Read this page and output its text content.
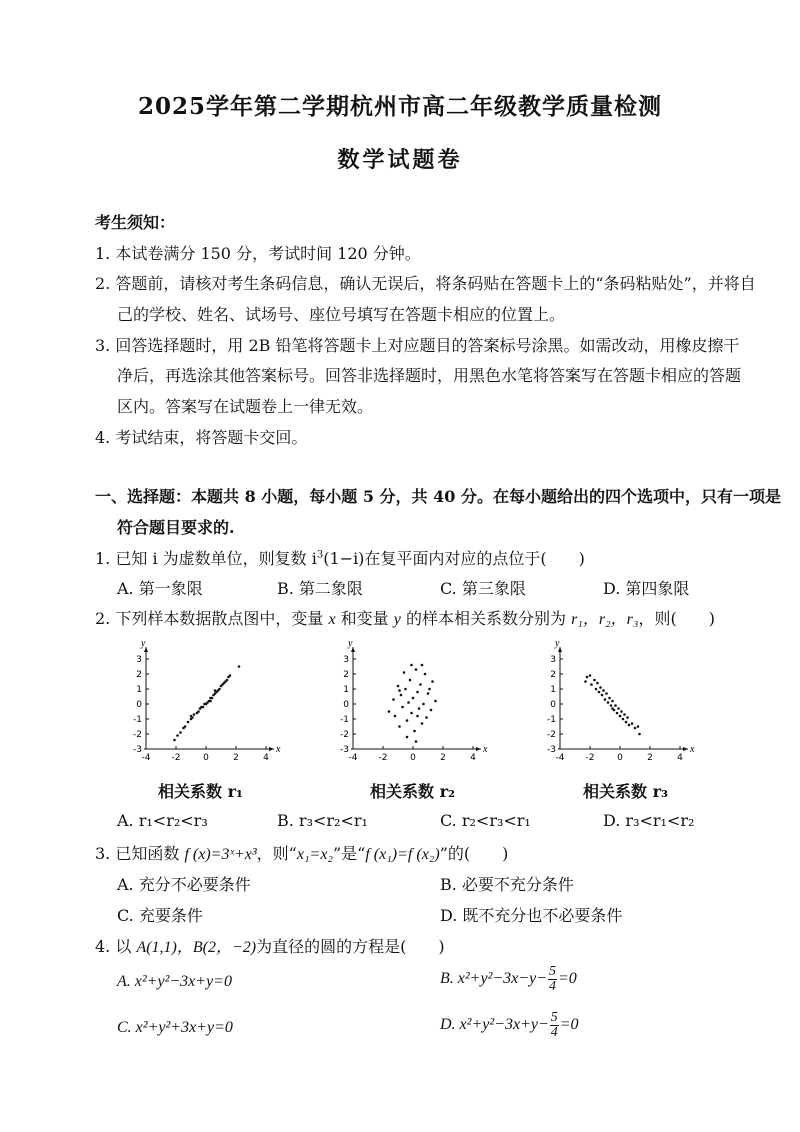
2025学年第二学期杭州市高二年级教学质量检测
数学试题卷
考生须知：
1. 本试卷满分 150 分，考试时间 120 分钟。
2. 答题前，请核对考生条码信息，确认无误后，将条码贴在答题卡上的“条码粘贴处”，并将自
己的学校、姓名、试场号、座位号填写在答题卡相应的位置上。
3. 回答选择题时，用 2B 铅笔将答题卡上对应题目的答案标号涂黑。如需改动，用橡皮擦干
净后，再选涂其他答案标号。回答非选择题时，用黑色水笔将答案写在答题卡相应的答题
区内。答案写在试题卷上一律无效。
4. 考试结束，将答题卡交回。
一、选择题：本题共 8 小题，每小题 5 分，共 40 分。在每小题给出的四个选项中，只有一项是
符合题目要求的.
1. 已知 i 为虚数单位，则复数 $i^3(1-i)$在复平面内对应的点位于(　　)
A. 第一象限	B. 第二象限	C. 第三象限	D. 第四象限
2. 下列样本数据散点图中，变量 x 和变量 y 的样本相关系数分别为 r₁，r₂，r₃，则(　　)
x
y
3
2
1
0
-1
-2
-3
-4 -2	0	2	4
x
y
3
2
1
0
-1
-2
-3
-4 -2	0	2	4
x
y
3
2
1
0
-1
-2
-3
-4 -2	0	2	4
相关系数 r₁	相关系数 r₂	相关系数 r₃
A. r₁<r₂<r₃	B. r₃<r₂<r₁	C. r₂<r₃<r₁	D. r₃<r₁<r₂
3. 已知函数 f (x)=3ˣ+x³，则“x₁=x₂”是“f (x₁)=f (x₂)”的(　　)
A. 充分不必要条件	B. 必要不充分条件
C. 充要条件	D. 既不充分也不必要条件
4. 以 A(1,1)，B(2，−2)为直径的圆的方程是(　　)
A. x²+y²−3x+y=0	B. $x^2+y^2-3x-y- \frac{5}{4} =0$
C. x²+y²+3x+y=0	D. $x^2+y^2-3x+y- \frac{5}{4} =0$
